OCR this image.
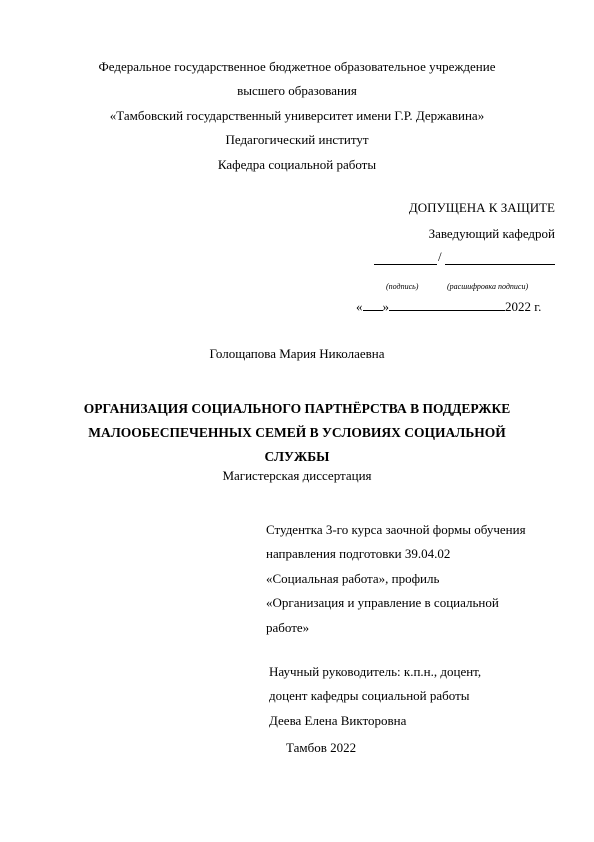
Федеральное государственное бюджетное образовательное учреждение
высшего образования
«Тамбовский государственный университет имени Г.Р. Державина»
Педагогический институт
Кафедра социальной работы
ДОПУЩЕНА К ЗАЩИТЕ
Заведующий кафедрой
/
(подпись)	(расшифровка подписи)
« »	2022 г.
Голощапова Мария Николаевна
ОРГАНИЗАЦИЯ СОЦИАЛЬНОГО ПАРТНЁРСТВА В ПОДДЕРЖКЕ
МАЛООБЕСПЕЧЕННЫХ СЕМЕЙ В УСЛОВИЯХ СОЦИАЛЬНОЙ
СЛУЖБЫ
Магистерская диссертация
Студентка 3-го курса заочной формы обучения
направления подготовки 39.04.02
«Социальная работа», профиль
«Организация и управление в социальной
работе»
Научный руководитель: к.п.н., доцент,
доцент кафедры социальной работы
Деева Елена Викторовна
Тамбов 2022
